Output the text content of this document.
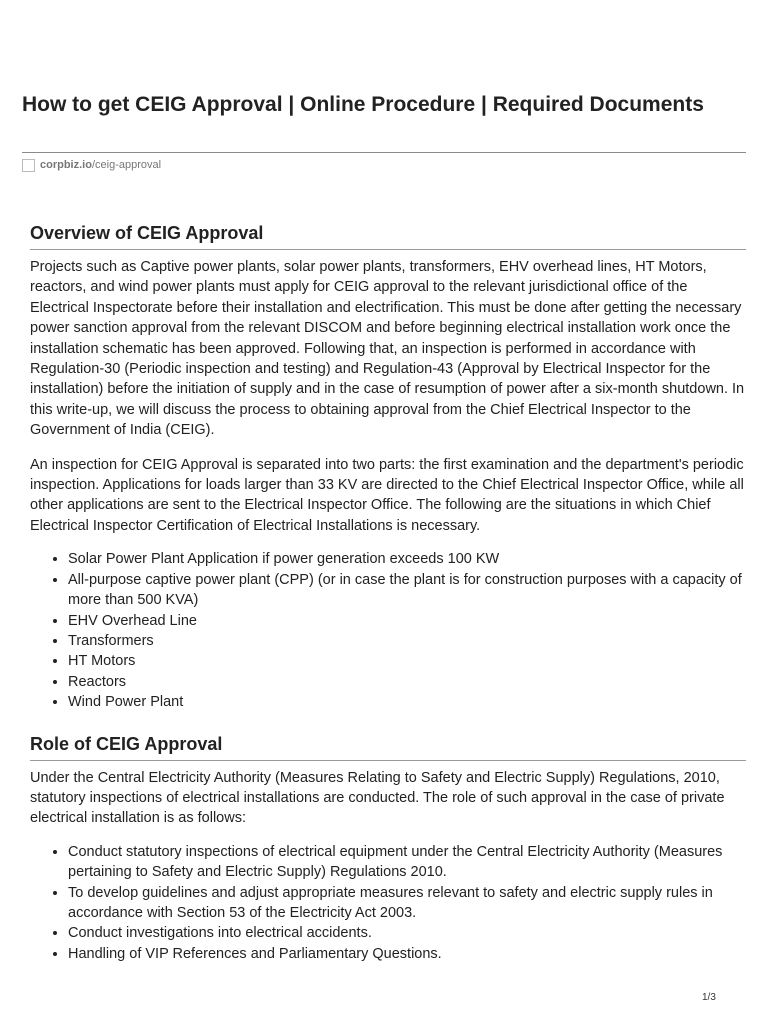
How to get CEIG Approval | Online Procedure | Required Documents
corpbiz.io /ceig-approval
Overview of CEIG Approval

Projects such as Captive power plants, solar power plants, transformers, EHV overhead lines, HT Motors, reactors, and wind power plants must apply for CEIG approval to the relevant jurisdictional office of the Electrical Inspectorate before their installation and electrification. This must be done after getting the necessary power sanction approval from the relevant DISCOM and before beginning electrical installation work once the installation schematic has been approved. Following that, an inspection is performed in accordance with Regulation-30 (Periodic inspection and testing) and Regulation-43 (Approval by Electrical Inspector for the installation) before the initiation of supply and in the case of resumption of power after a six-month shutdown. In this write-up, we will discuss the process to obtaining approval from the Chief Electrical Inspector to the Government of India (CEIG).

An inspection for CEIG Approval is separated into two parts: the first examination and the department's periodic inspection. Applications for loads larger than 33 KV are directed to the Chief Electrical Inspector Office, while all other applications are sent to the Electrical Inspector Office. The following are the situations in which Chief Electrical Inspector Certification of Electrical Installations is necessary.

• Solar Power Plant Application if power generation exceeds 100 KW
• All-purpose captive power plant (CPP) (or in case the plant is for construction purposes with a capacity of more than 500 KVA)
• EHV Overhead Line
• Transformers
• HT Motors
• Reactors
• Wind Power Plant
Role of CEIG Approval

Under the Central Electricity Authority (Measures Relating to Safety and Electric Supply) Regulations, 2010, statutory inspections of electrical installations are conducted. The role of such approval in the case of private electrical installation is as follows:

• Conduct statutory inspections of electrical equipment under the Central Electricity Authority (Measures pertaining to Safety and Electric Supply) Regulations 2010.
• To develop guidelines and adjust appropriate measures relevant to safety and electric supply rules in accordance with Section 53 of the Electricity Act 2003.
• Conduct investigations into electrical accidents.
• Handling of VIP References and Parliamentary Questions.
1/3
